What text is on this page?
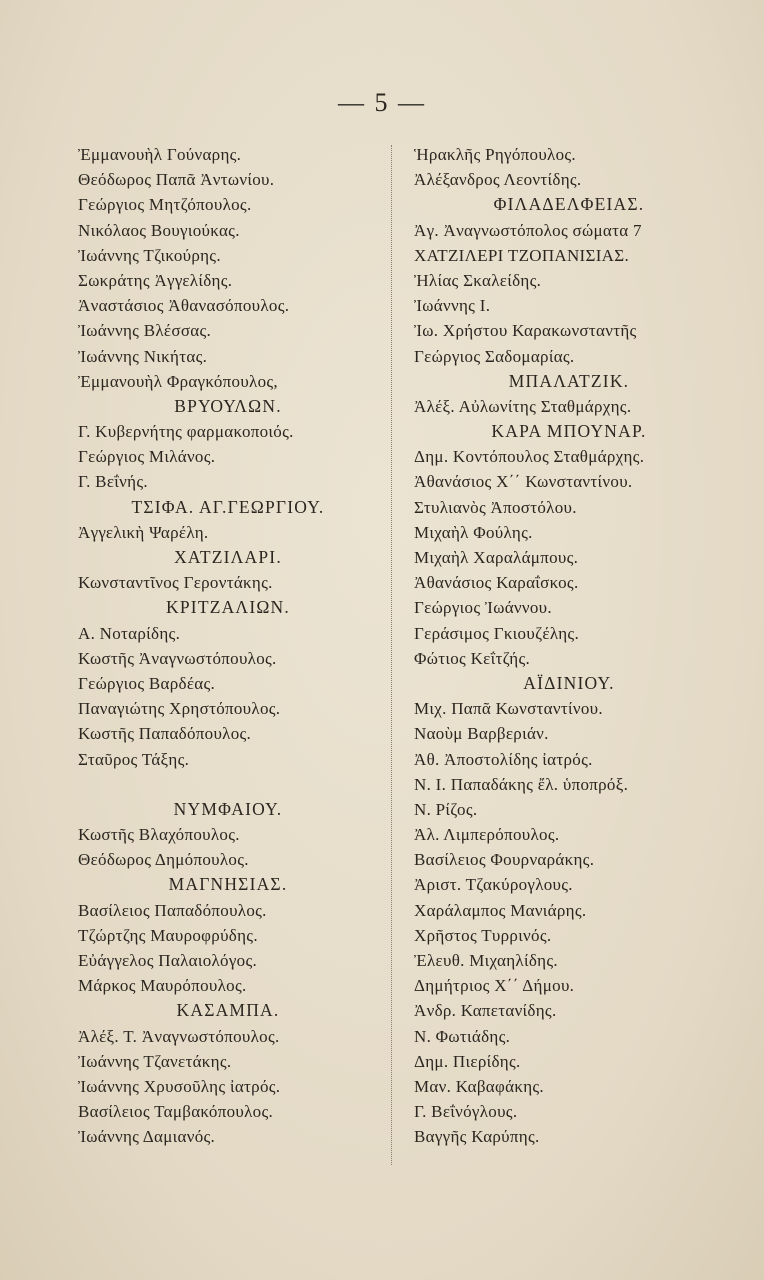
— 5 —
Ἐμμανουὴλ Γούναρης.
Θεόδωρος Παπᾶ Ἀντωνίου.
Γεώργιος Μητζόπουλος.
Νικόλαος Βουγιούκας.
Ἰωάννης Τζικούρης.
Σωκράτης Ἀγγελίδης.
Ἀναστάσιος Ἀθανασόπουλος.
Ἰωάννης Βλέσσας.
Ἰωάννης Νικήτας.
Ἐμμανουὴλ Φραγκόπουλος,
ΒΡΥΟΥΛΩΝ.
Γ. Κυβερνήτης φαρμακοποιός.
Γεώργιος Μιλάνος.
Γ. Βεΐνής.
ΤΣΙΦΑ. ΑΓ.ΓΕΩΡΓΙΟΥ.
Ἀγγελικὴ Ψαρέλη.
ΧΑΤΖΙΛΑΡΙ.
Κωνσταντῖνος Γεροντάκης.
ΚΡΙΤΖΑΛΙΩΝ.
Α. Νοταρίδης.
Κωστῆς Ἀναγνωστόπουλος.
Γεώργιος Βαρδέας.
Παναγιώτης Χρηστόπουλος.
Κωστῆς Παπαδόπουλος.
Σταῦρος Τάξης.
ΝΥΜΦΑΙΟΥ.
Κωστῆς Βλαχόπουλος.
Θεόδωρος Δημόπουλος.
ΜΑΓΝΗΣΙΑΣ.
Βασίλειος Παπαδόπουλος.
Τζώρτζης Μαυροφρύδης.
Εὐάγγελος Παλαιολόγος.
Μάρκος Μαυρόπουλος.
ΚΑΣΑΜΠΑ.
Ἀλέξ. Τ. Ἀναγνωστόπουλος.
Ἰωάννης Τζανετάκης.
Ἰωάννης Χρυσοῦλης ἰατρός.
Βασίλειος Ταμβακόπουλος.
Ἰωάννης Δαμιανός.
Ἡρακλῆς Ρηγόπουλος.
Ἀλέξανδρος Λεοντίδης.
ΦΙΛΑΔΕΛΦΕΙΑΣ.
Ἀγ. Ἀναγνωστόπολος σώματα 7
ΧΑΤΖΙΛΕΡΙ ΤΖΟΠΑΝΙΣΙΑΣ.
Ἠλίας Σκαλείδης.
Ἰωάννης Ι.
Ἰω. Χρήστου Καρακωνσταντῆς
Γεώργιος Σαδομαρίας.
ΜΠΑΛΑΤΖΙΚ.
Ἀλέξ. Αὐλωνίτης Σταθμάρχης.
ΚΑΡΑ ΜΠΟΥΝΑΡ.
Δημ. Κοντόπουλος Σταθμάρχης.
Ἀθανάσιος Χ΄΄ Κωνσταντίνου.
Στυλιανὸς Ἀποστόλου.
Μιχαὴλ Φούλης.
Μιχαὴλ Χαραλάμπους.
Ἀθανάσιος Καραΐσκος.
Γεώργιος Ἰωάννου.
Γεράσιμος Γκιουζέλης.
Φώτιος Κεΐτζής.
ΑΪΔΙΝΙΟΥ.
Μιχ. Παπᾶ Κωνσταντίνου.
Ναοὺμ Βαρβεριάν.
Ἀθ. Ἀποστολίδης ἰατρός.
Ν. Ι. Παπαδάκης ἔλ. ὑποπρόξ.
Ν. Ρίζος.
Ἀλ. Λιμπερόπουλος.
Βασίλειος Φουρναράκης.
Ἀριστ. Τζακύρογλους.
Χαράλαμπος Μανιάρης.
Χρῆστος Τυρρινός.
Ἐλευθ. Μιχαηλίδης.
Δημήτριος Χ΄΄ Δήμου.
Ἀνδρ. Καπετανίδης.
Ν. Φωτιάδης.
Δημ. Πιερίδης.
Μαν. Καβαφάκης.
Γ. Βεΐνόγλους.
Βαγγῆς Καρύπης.
